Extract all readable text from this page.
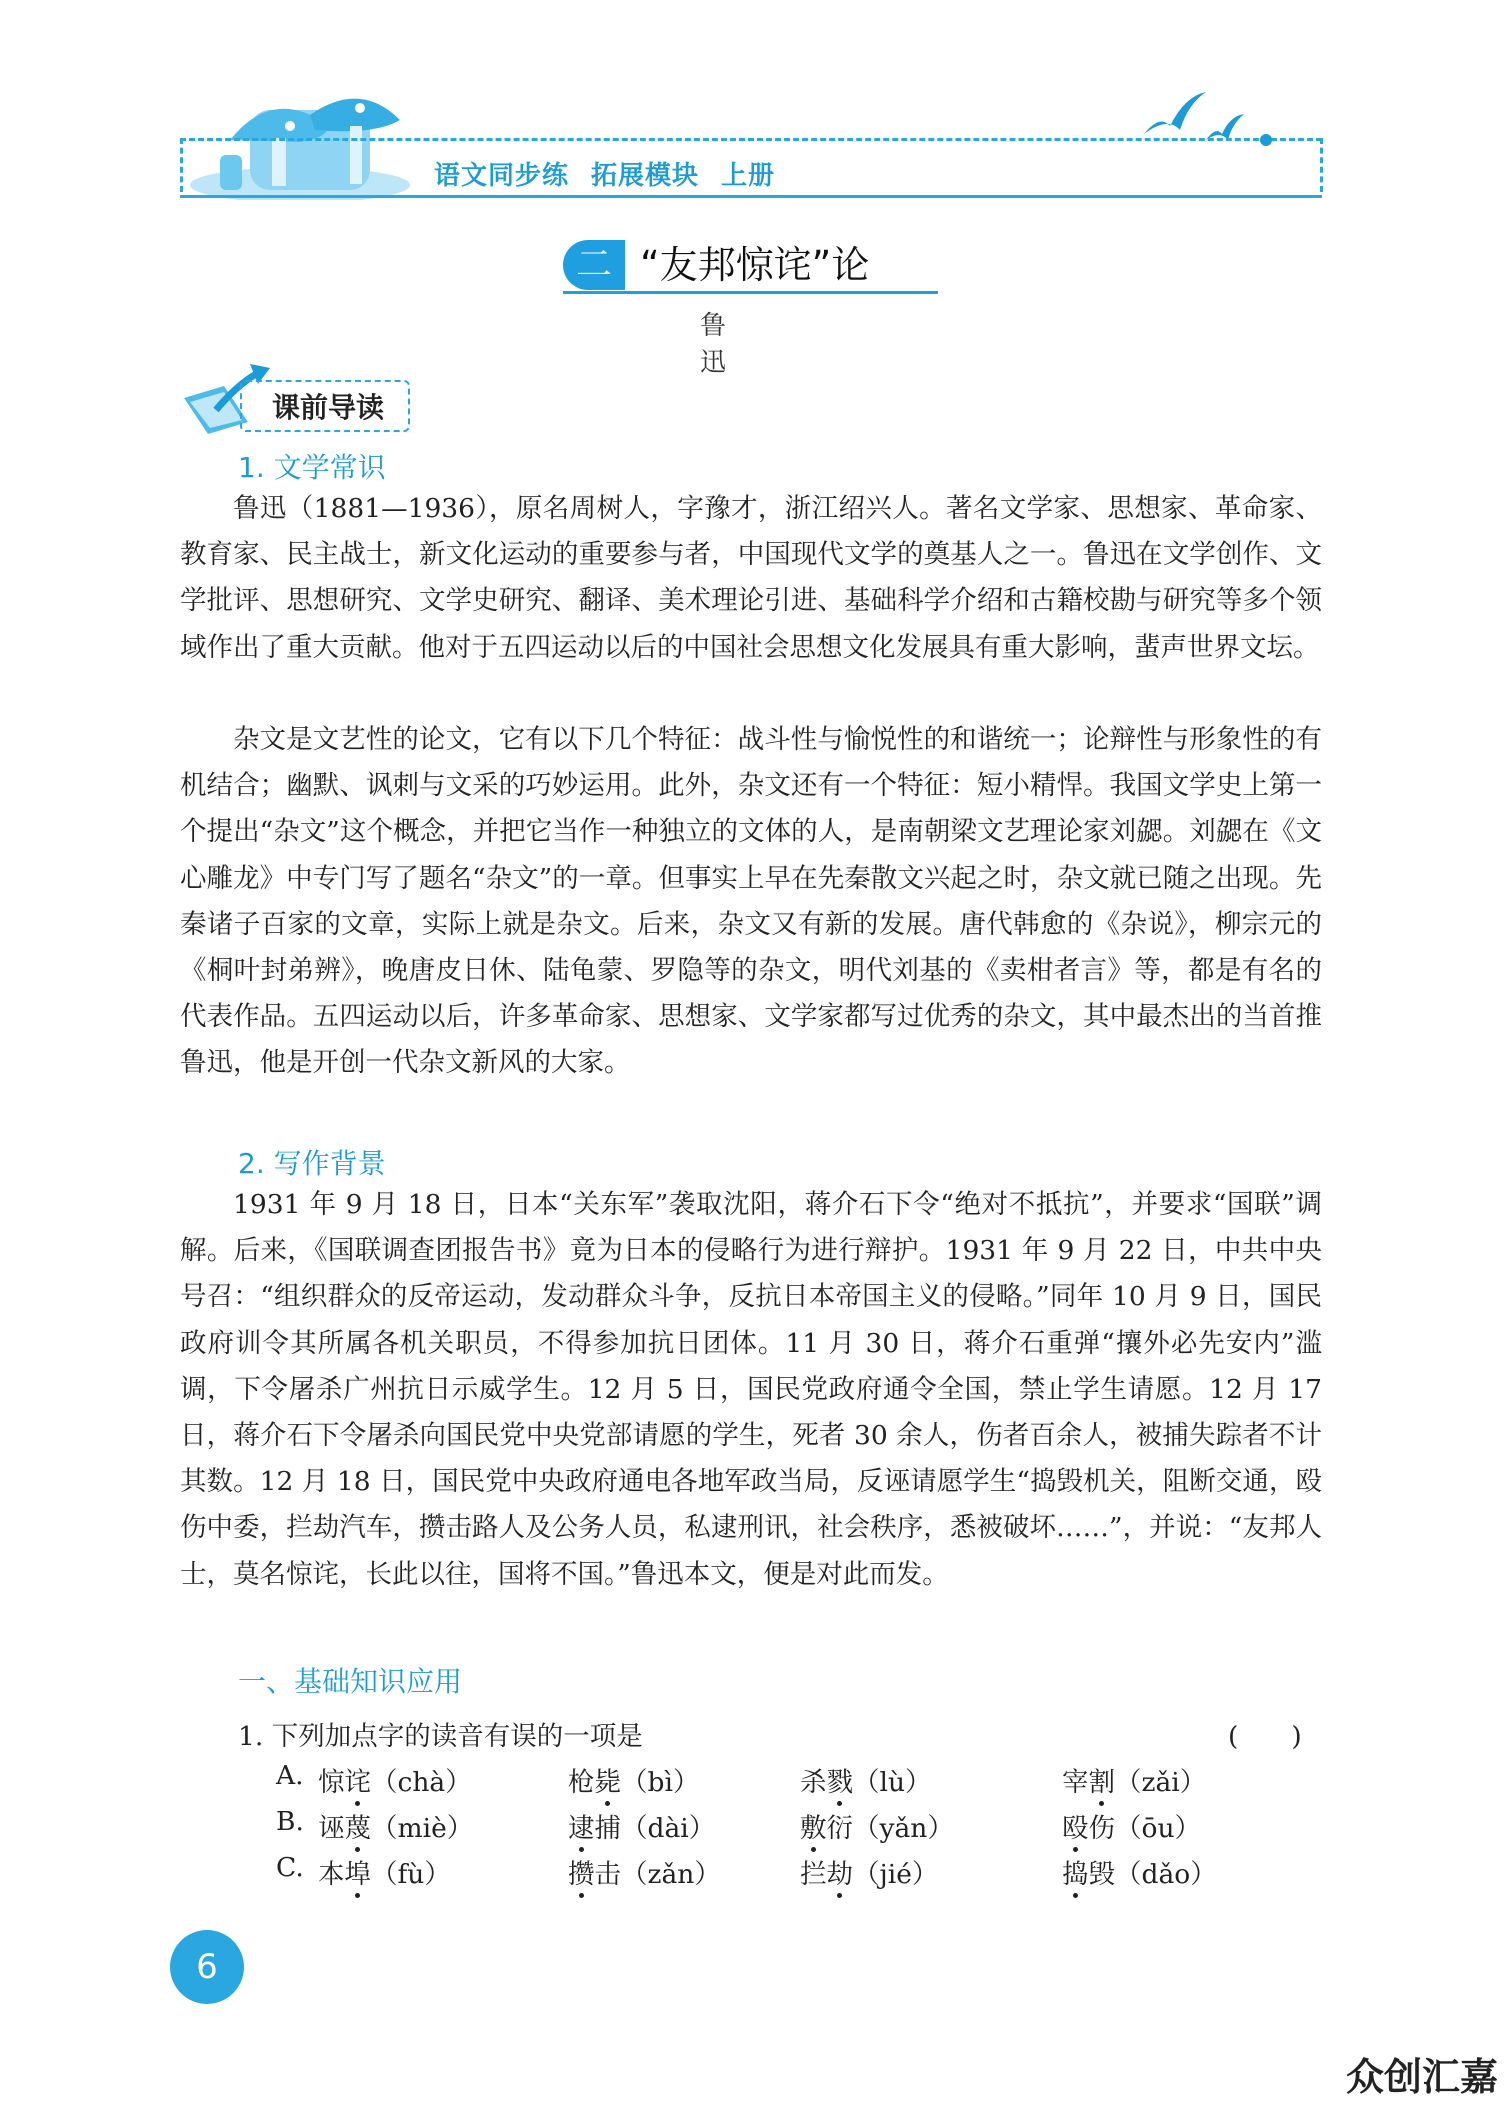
语文同步练 拓展模块 上册
二 “友邦惊诧”论
鲁　迅
课前导读
1. 文学常识

鲁迅（1881—1936），原名周树人，字豫才，浙江绍兴人。著名文学家、思想家、革命家、教育家、民主战士，新文化运动的重要参与者，中国现代文学的奠基人之一。鲁迅在文学创作、文学批评、思想研究、文学史研究、翻译、美术理论引进、基础科学介绍和古籍校勘与研究等多个领域作出了重大贡献。他对于五四运动以后的中国社会思想文化发展具有重大影响，蜚声世界文坛。

杂文是文艺性的论文，它有以下几个特征：战斗性与愉悦性的和谐统一；论辩性与形象性的有机结合；幽默、讽刺与文采的巧妙运用。此外，杂文还有一个特征：短小精悍。我国文学史上第一个提出“杂文”这个概念，并把它当作一种独立的文体的人，是南朝梁文艺理论家刘勰。刘勰在《文心雕龙》中专门写了题名“杂文”的一章。但事实上早在先秦散文兴起之时，杂文就已随之出现。先秦诸子百家的文章，实际上就是杂文。后来，杂文又有新的发展。唐代韩愈的《杂说》，柳宗元的《桐叶封弟辨》，晚唐皮日休、陆龟蒙、罗隐等的杂文，明代刘基的《卖柑者言》等，都是有名的代表作品。五四运动以后，许多革命家、思想家、文学家都写过优秀的杂文，其中最杰出的当首推鲁迅，他是开创一代杂文新风的大家。

2. 写作背景

1931 年 9 月 18 日，日本“关东军”袭取沈阳，蒋介石下令“绝对不抵抗”，并要求“国联”调解。后来，《国联调查团报告书》竟为日本的侵略行为进行辩护。1931 年 9 月 22 日，中共中央号召：“组织群众的反帝运动，发动群众斗争，反抗日本帝国主义的侵略。”同年 10 月 9 日，国民政府训令其所属各机关职员，不得参加抗日团体。11 月 30 日，蒋介石重弹“攘外必先安内”滥调，下令屠杀广州抗日示威学生。12 月 5 日，国民党政府通令全国，禁止学生请愿。12 月 17 日，蒋介石下令屠杀向国民党中央党部请愿的学生，死者 30 余人，伤者百余人，被捕失踪者不计其数。12 月 18 日，国民党中央政府通电各地军政当局，反诬请愿学生“捣毁机关，阻断交通，殴伤中委，拦劫汽车，攒击路人及公务人员，私逮刑讯，社会秩序，悉被破坏……”，并说：“友邦人士，莫名惊诧，长此以往，国将不国。”鲁迅本文，便是对此而发。

一、基础知识应用
1. 下列加点字的读音有误的一项是	(　　)
A. 惊诧（chà）	枪毙（bì）	杀戮（lù）	宰割（zǎi）
B. 诬蔑（miè）	逮捕（dài）	敷衍（yǎn）	殴伤（ōu）
C. 本埠（fù）	攒击（zǎn）	拦劫（jié）	捣毁（dǎo）
6
众创汇嘉
